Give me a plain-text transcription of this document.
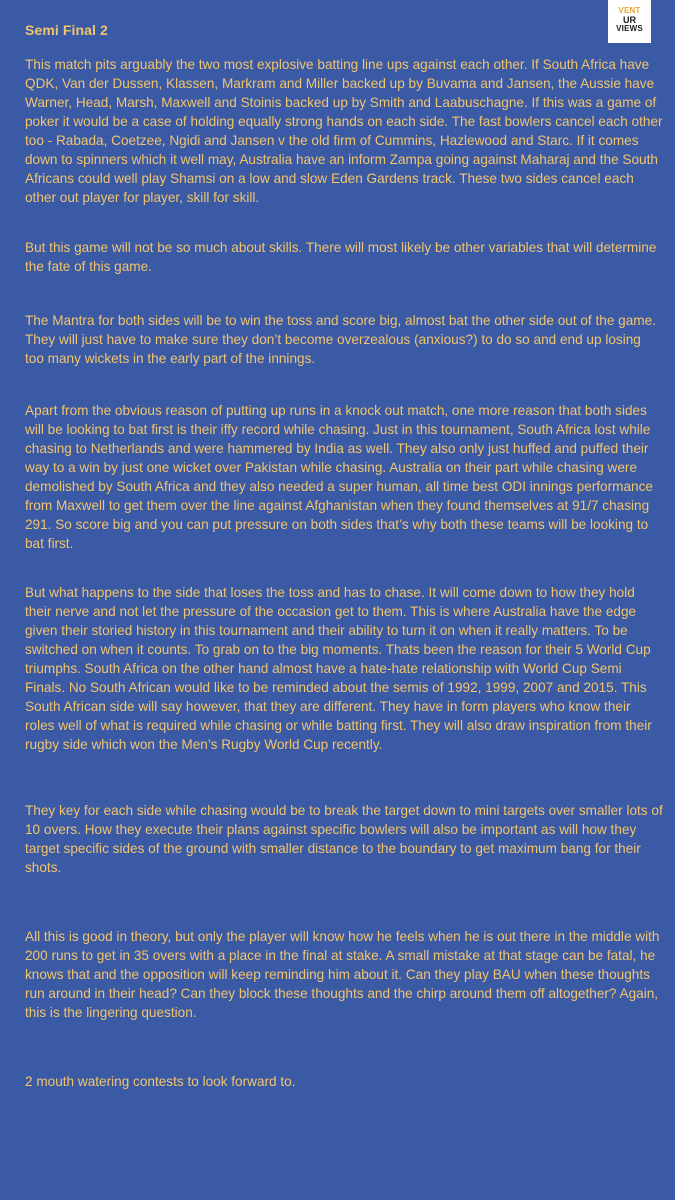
Semi Final 2
VENT
UR
VIEWS

This match pits arguably the two most explosive batting line ups against each other. If South Africa have QDK, Van der Dussen, Klassen, Markram and Miller backed up by Buvama and Jansen, the Aussie have Warner, Head, Marsh, Maxwell and Stoinis backed up by Smith and Laabuschagne. If this was a game of poker it would be a case of holding equally strong hands on each side. The fast bowlers cancel each other too - Rabada, Coetzee, Ngidi and Jansen v the old firm of Cummins, Hazlewood and Starc. If it comes down to spinners which it well may, Australia have an inform Zampa going against Maharaj and the South Africans could well play Shamsi on a low and slow Eden Gardens track. These two sides cancel each other out player for player, skill for skill.

But this game will not be so much about skills. There will most likely be other variables that will determine the fate of this game.

The Mantra for both sides will be to win the toss and score big, almost bat the other side out of the game. They will just have to make sure they don’t become overzealous (anxious?) to do so and end up losing too many wickets in the early part of the innings.

Apart from the obvious reason of putting up runs in a knock out match, one more reason that both sides will be looking to bat first is their iffy record while chasing. Just in this tournament, South Africa lost while chasing to Netherlands and were hammered by India as well. They also only just huffed and puffed their way to a win by just one wicket over Pakistan while chasing. Australia on their part while chasing were demolished by South Africa and they also needed a super human, all time best ODI innings performance from Maxwell to get them over the line against Afghanistan when they found themselves at 91/7 chasing 291. So score big and you can put pressure on both sides that’s why both these teams will be looking to bat first.

But what happens to the side that loses the toss and has to chase. It will come down to how they hold their nerve and not let the pressure of the occasion get to them. This is where Australia have the edge given their storied history in this tournament and their ability to turn it on when it really matters. To be switched on when it counts. To grab on to the big moments. Thats been the reason for their 5 World Cup triumphs. South Africa on the other hand almost have a hate-hate relationship with World Cup Semi Finals. No South African would like to be reminded about the semis of 1992, 1999, 2007 and 2015. This South African side will say however, that they are different. They have in form players who know their roles well of what is required while chasing or while batting first. They will also draw inspiration from their rugby side which won the Men’s Rugby World Cup recently.

They key for each side while chasing would be to break the target down to mini targets over smaller lots of 10 overs. How they execute their plans against specific bowlers will also be important as will how they target specific sides of the ground with smaller distance to the boundary to get maximum bang for their shots.

All this is good in theory, but only the player will know how he feels when he is out there in the middle with 200 runs to get in 35 overs with a place in the final at stake. A small mistake at that stage can be fatal, he knows that and the opposition will keep reminding him about it. Can they play BAU when these thoughts run around in their head? Can they block these thoughts and the chirp around them off altogether? Again, this is the lingering question.

2 mouth watering contests to look forward to.
